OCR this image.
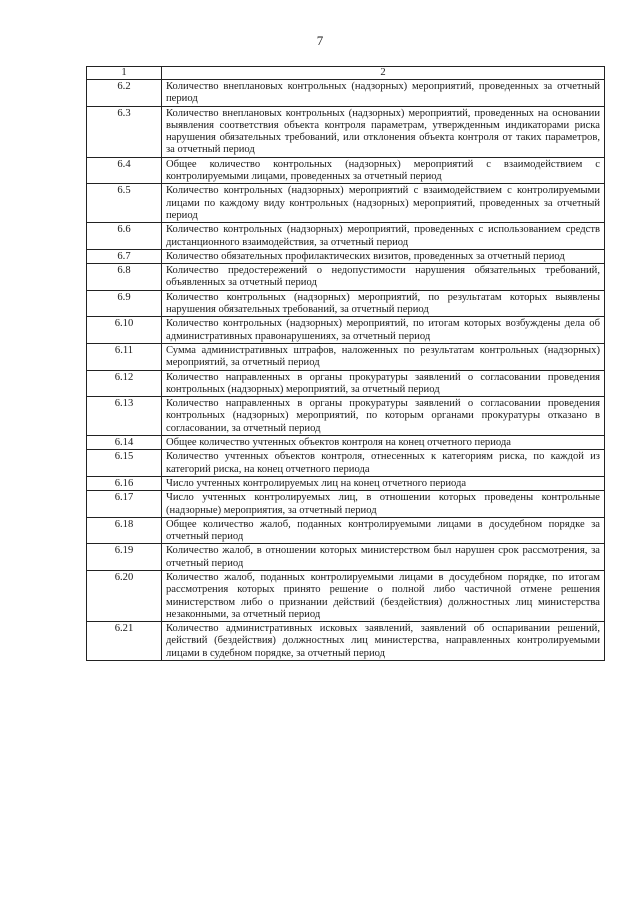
7
1	2
6.2	Количество внеплановых контрольных (надзорных) мероприятий, проведенных за отчетный период
6.3	Количество внеплановых контрольных (надзорных) мероприятий, проведенных на основании выявления соответствия объекта контроля параметрам, утвержденным индикаторами риска нарушения обязательных требований, или отклонения объекта контроля от таких параметров, за отчетный период
6.4	Общее количество контрольных (надзорных) мероприятий с взаимодействием с контролируемыми лицами, проведенных за отчетный период
6.5	Количество контрольных (надзорных) мероприятий с взаимодействием с контролируемыми лицами по каждому виду контрольных (надзорных) мероприятий, проведенных за отчетный период
6.6	Количество контрольных (надзорных) мероприятий, проведенных с использованием средств дистанционного взаимодействия, за отчетный период
6.7	Количество обязательных профилактических визитов, проведенных за отчетный период
6.8	Количество предостережений о недопустимости нарушения обязательных требований, объявленных за отчетный период
6.9	Количество контрольных (надзорных) мероприятий, по результатам которых выявлены нарушения обязательных требований, за отчетный период
6.10	Количество контрольных (надзорных) мероприятий, по итогам которых возбуждены дела об административных правонарушениях, за отчетный период
6.11	Сумма административных штрафов, наложенных по результатам контрольных (надзорных) мероприятий, за отчетный период
6.12	Количество направленных в органы прокуратуры заявлений о согласовании проведения контрольных (надзорных) мероприятий, за отчетный период
6.13	Количество направленных в органы прокуратуры заявлений о согласовании проведения контрольных (надзорных) мероприятий, по которым органами прокуратуры отказано в согласовании, за отчетный период
6.14	Общее количество учтенных объектов контроля на конец отчетного периода
6.15	Количество учтенных объектов контроля, отнесенных к категориям риска, по каждой из категорий риска, на конец отчетного периода
6.16	Число учтенных контролируемых лиц на конец отчетного периода
6.17	Число учтенных контролируемых лиц, в отношении которых проведены контрольные (надзорные) мероприятия, за отчетный период
6.18	Общее количество жалоб, поданных контролируемыми лицами в досудебном порядке за отчетный период
6.19	Количество жалоб, в отношении которых министерством был нарушен срок рассмотрения, за отчетный период
6.20	Количество жалоб, поданных контролируемыми лицами в досудебном порядке, по итогам рассмотрения которых принято решение о полной либо частичной отмене решения министерством либо о признании действий (бездействия) должностных лиц министерства незаконными, за отчетный период
6.21	Количество административных исковых заявлений, заявлений об оспаривании решений, действий (бездействия) должностных лиц министерства, направленных контролируемыми лицами в судебном порядке, за отчетный период
